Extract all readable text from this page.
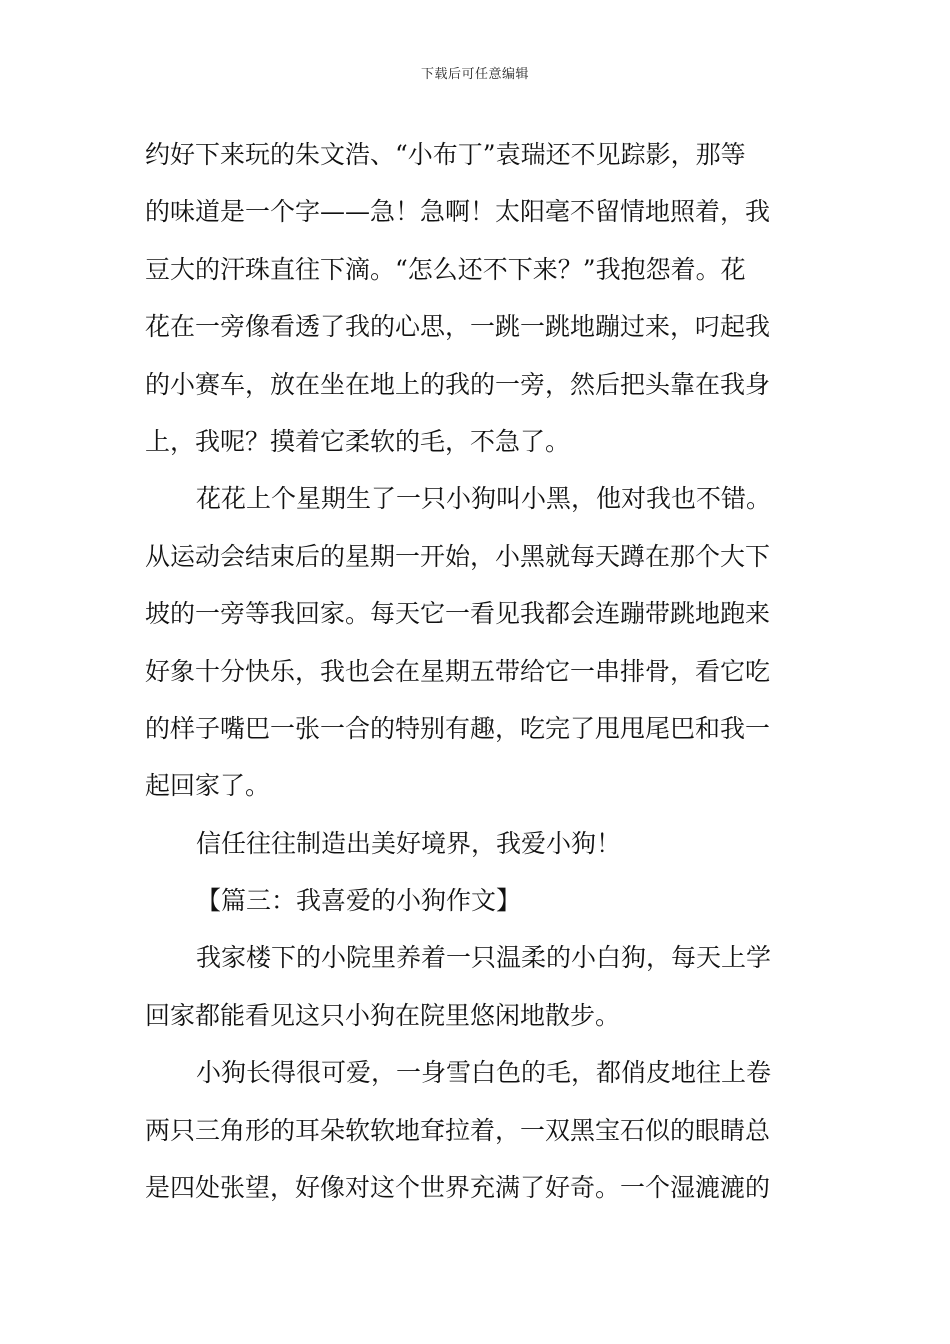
下载后可任意编辑
约好下来玩的朱文浩、“小布丁”袁瑞还不见踪影，那等
的味道是一个字——急！急啊！太阳毫不留情地照着，我
豆大的汗珠直往下滴。“怎么还不下来？”我抱怨着。花
花在一旁像看透了我的心思，一跳一跳地蹦过来，叼起我
的小赛车，放在坐在地上的我的一旁，然后把头靠在我身
上，我呢？摸着它柔软的毛，不急了。
花花上个星期生了一只小狗叫小黑，他对我也不错。
从运动会结束后的星期一开始，小黑就每天蹲在那个大下
坡的一旁等我回家。每天它一看见我都会连蹦带跳地跑来
好象十分快乐，我也会在星期五带给它一串排骨，看它吃
的样子嘴巴一张一合的特别有趣，吃完了甩甩尾巴和我一
起回家了。
信任往往制造出美好境界，我爱小狗！
【篇三：我喜爱的小狗作文】
我家楼下的小院里养着一只温柔的小白狗，每天上学
回家都能看见这只小狗在院里悠闲地散步。
小狗长得很可爱，一身雪白色的毛，都俏皮地往上卷
两只三角形的耳朵软软地耷拉着，一双黑宝石似的眼睛总
是四处张望，好像对这个世界充满了好奇。一个湿漉漉的
